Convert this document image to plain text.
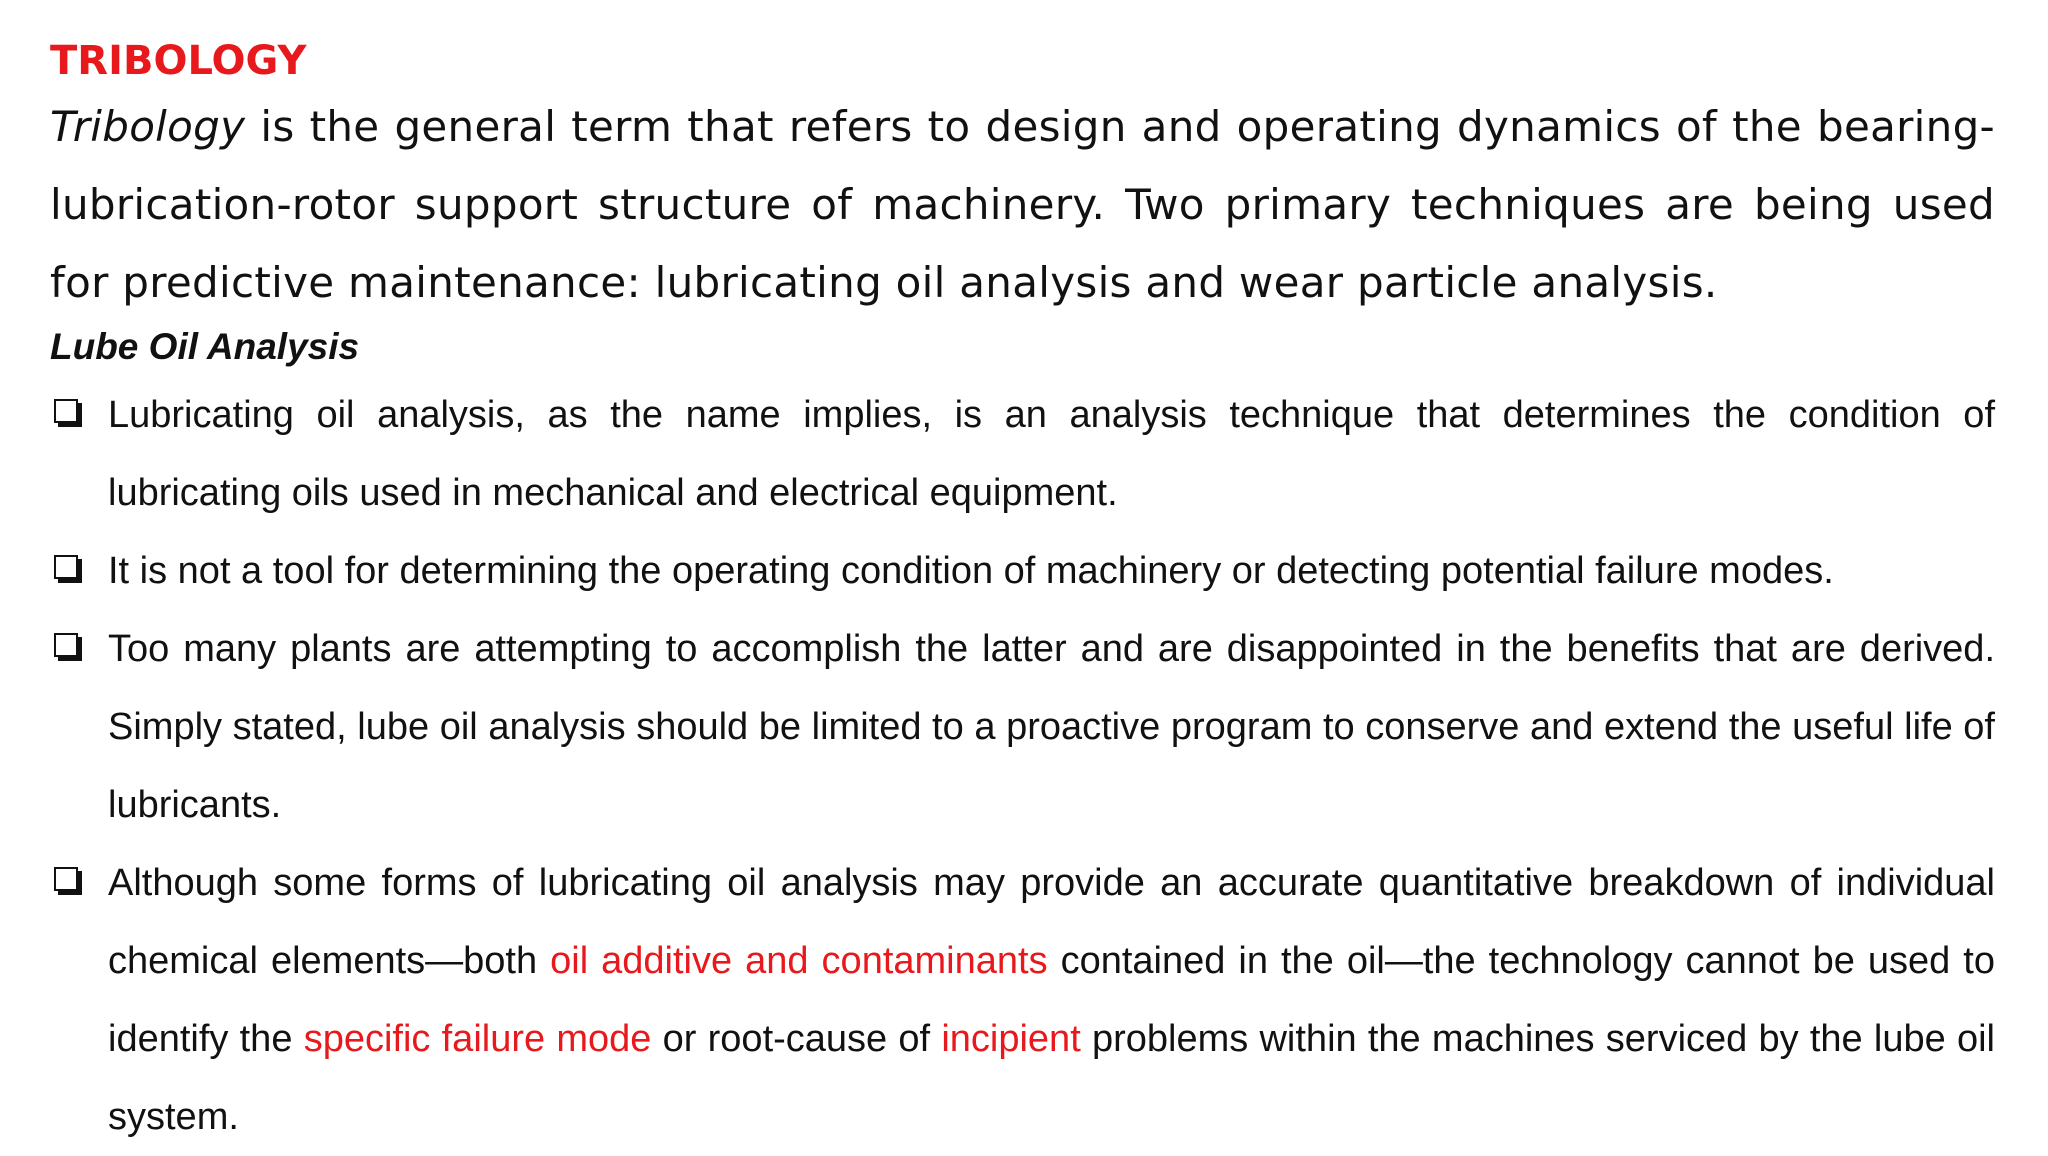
TRIBOLOGY

Tribology is the general term that refers to design and operating dynamics of the bearing-lubrication-rotor support structure of machinery. Two primary techniques are being used for predictive maintenance: lubricating oil analysis and wear particle analysis.

Lube Oil Analysis
Lubricating oil analysis, as the name implies, is an analysis technique that determines the condition of lubricating oils used in mechanical and electrical equipment.
It is not a tool for determining the operating condition of machinery or detecting potential failure modes.
Too many plants are attempting to accomplish the latter and are disappointed in the benefits that are derived. Simply stated, lube oil analysis should be limited to a proactive program to conserve and extend the useful life of lubricants.
Although some forms of lubricating oil analysis may provide an accurate quantitative breakdown of individual chemical elements—both oil additive and contaminants contained in the oil—the technology cannot be used to identify the specific failure mode or root-cause of incipient problems within the machines serviced by the lube oil system.
